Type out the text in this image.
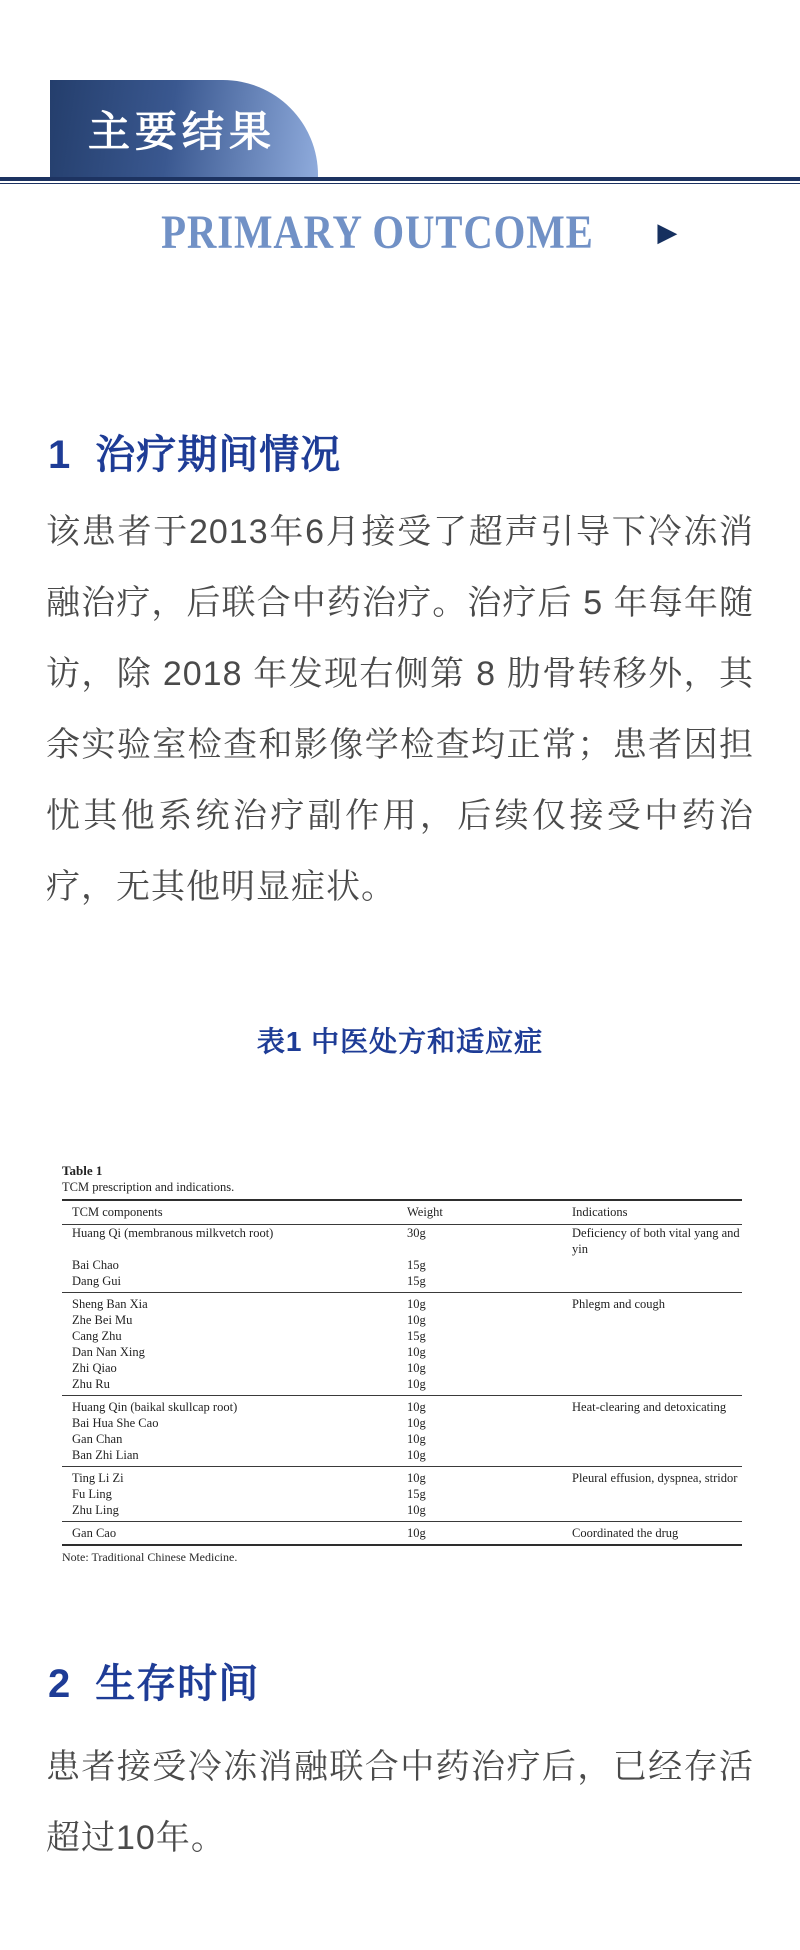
主要结果
PRIMARY OUTCOME ▶
1 治疗期间情况
该患者于2013年6月接受了超声引导下冷冻消融治疗，后联合中药治疗。治疗后 5 年每年随访，除 2018 年发现右侧第 8 肋骨转移外，其余实验室检查和影像学检查均正常；患者因担忧其他系统治疗副作用，后续仅接受中药治疗，无其他明显症状。
表1 中医处方和适应症
Table 1
TCM prescription and indications.
TCM components	Weight	Indications
Huang Qi (membranous milkvetch root)	30g	Deficiency of both vital yang and yin
Bai Chao	15g	
Dang Gui	15g	
Sheng Ban Xia	10g	Phlegm and cough
Zhe Bei Mu	10g	
Cang Zhu	15g	
Dan Nan Xing	10g	
Zhi Qiao	10g	
Zhu Ru	10g	
Huang Qin (baikal skullcap root)	10g	Heat-clearing and detoxicating
Bai Hua She Cao	10g	
Gan Chan	10g	
Ban Zhi Lian	10g	
Ting Li Zi	10g	Pleural effusion, dyspnea, stridor
Fu Ling	15g	
Zhu Ling	10g	
Gan Cao	10g	Coordinated the drug
Note: Traditional Chinese Medicine.
2 生存时间
患者接受冷冻消融联合中药治疗后，已经存活超过10年。
